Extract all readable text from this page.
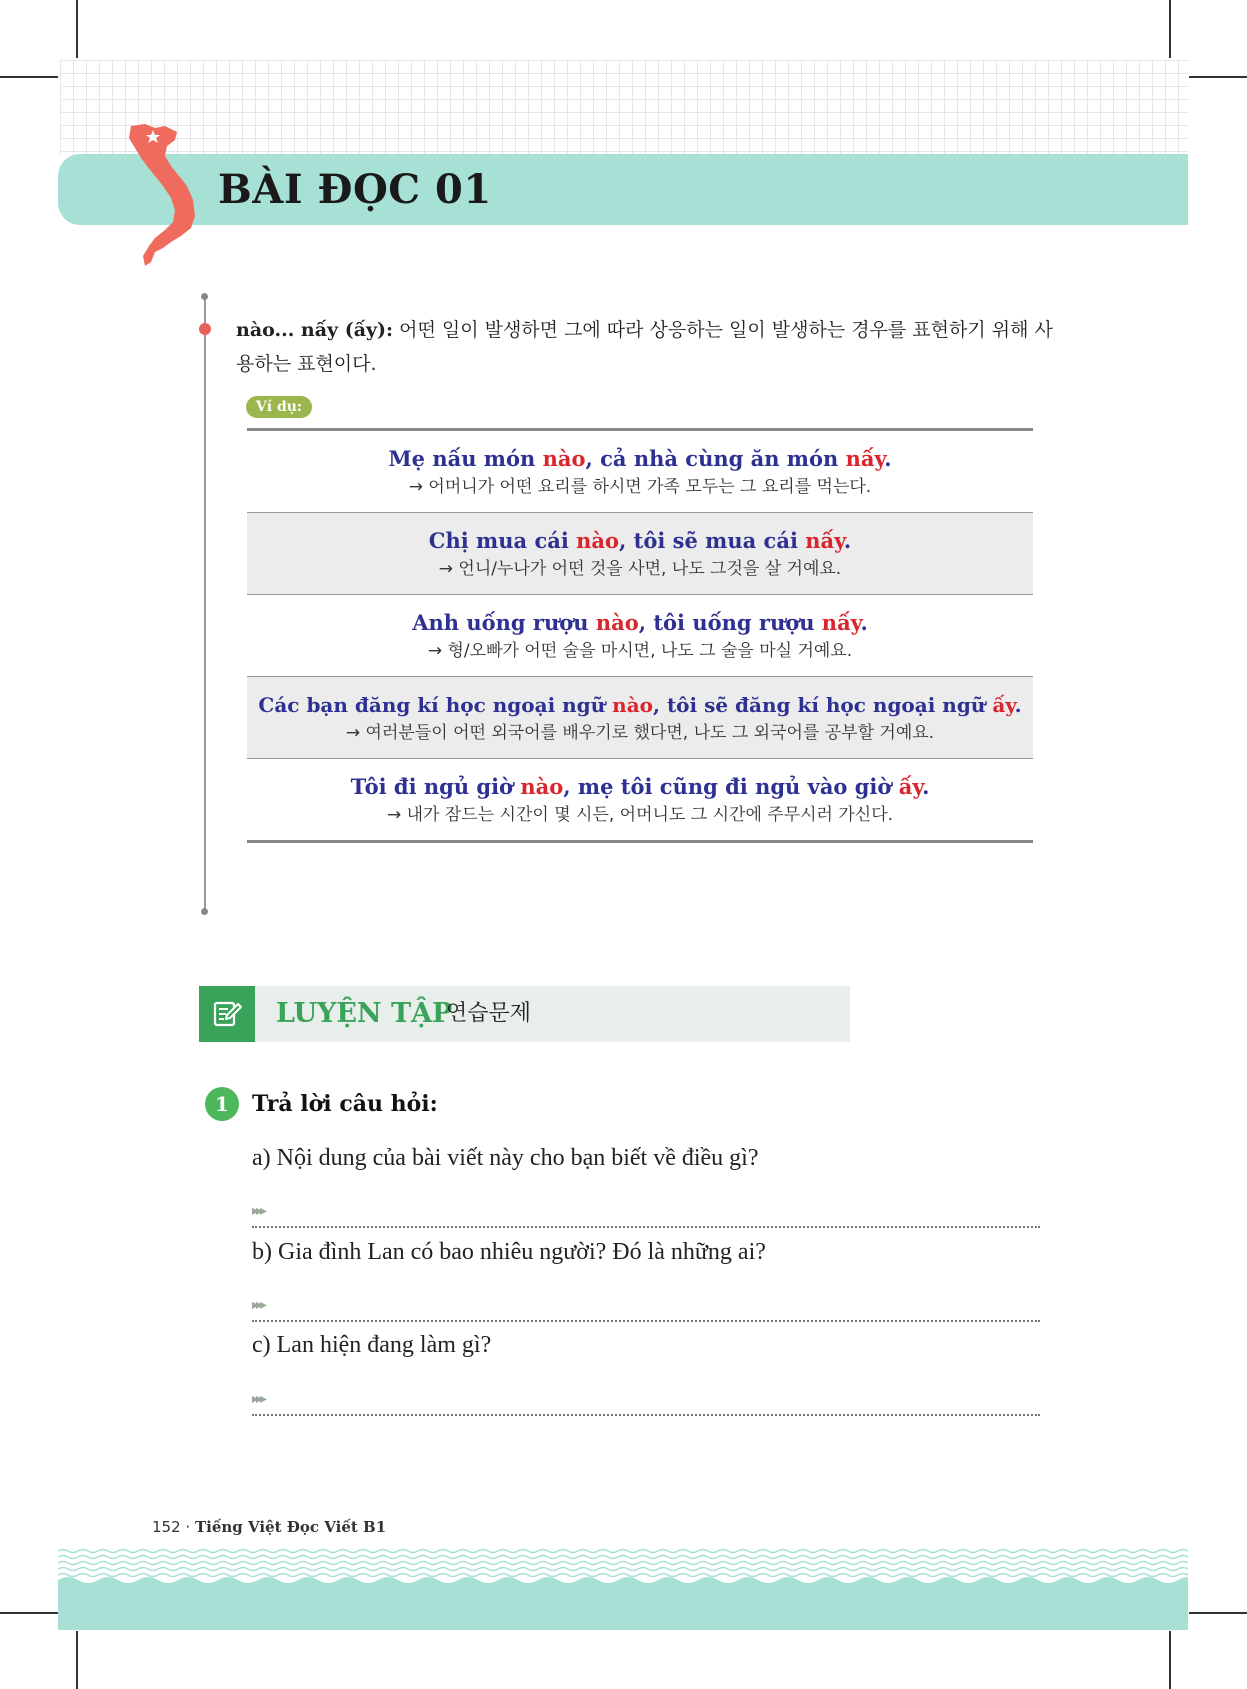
BÀI ĐỌC 01

nào... nấy (ấy): 어떤 일이 발생하면 그에 따라 상응하는 일이 발생하는 경우를 표현하기 위해 사용하는 표현이다.

Ví dụ:
Mẹ nấu món nào, cả nhà cùng ăn món nấy.
→ 어머니가 어떤 요리를 하시면 가족 모두는 그 요리를 먹는다.
Chị mua cái nào, tôi sẽ mua cái nấy.
→ 언니/누나가 어떤 것을 사면, 나도 그것을 살 거예요.
Anh uống rượu nào, tôi uống rượu nấy.
→ 형/오빠가 어떤 술을 마시면, 나도 그 술을 마실 거예요.
Các bạn đăng kí học ngoại ngữ nào, tôi sẽ đăng kí học ngoại ngữ ấy.
→ 여러분들이 어떤 외국어를 배우기로 했다면, 나도 그 외국어를 공부할 거예요.
Tôi đi ngủ giờ nào, mẹ tôi cũng đi ngủ vào giờ ấy.
→ 내가 잠드는 시간이 몇 시든, 어머니도 그 시간에 주무시러 가신다.
LUYỆN TẬP
연습문제
1	Trả lời câu hỏi:
a) Nội dung của bài viết này cho bạn biết về điều gì?
▸▸▸
b) Gia đình Lan có bao nhiêu người? Đó là những ai?
▸▸▸
c) Lan hiện đang làm gì?
▸▸▸
152 · Tiếng Việt Đọc Viết B1
